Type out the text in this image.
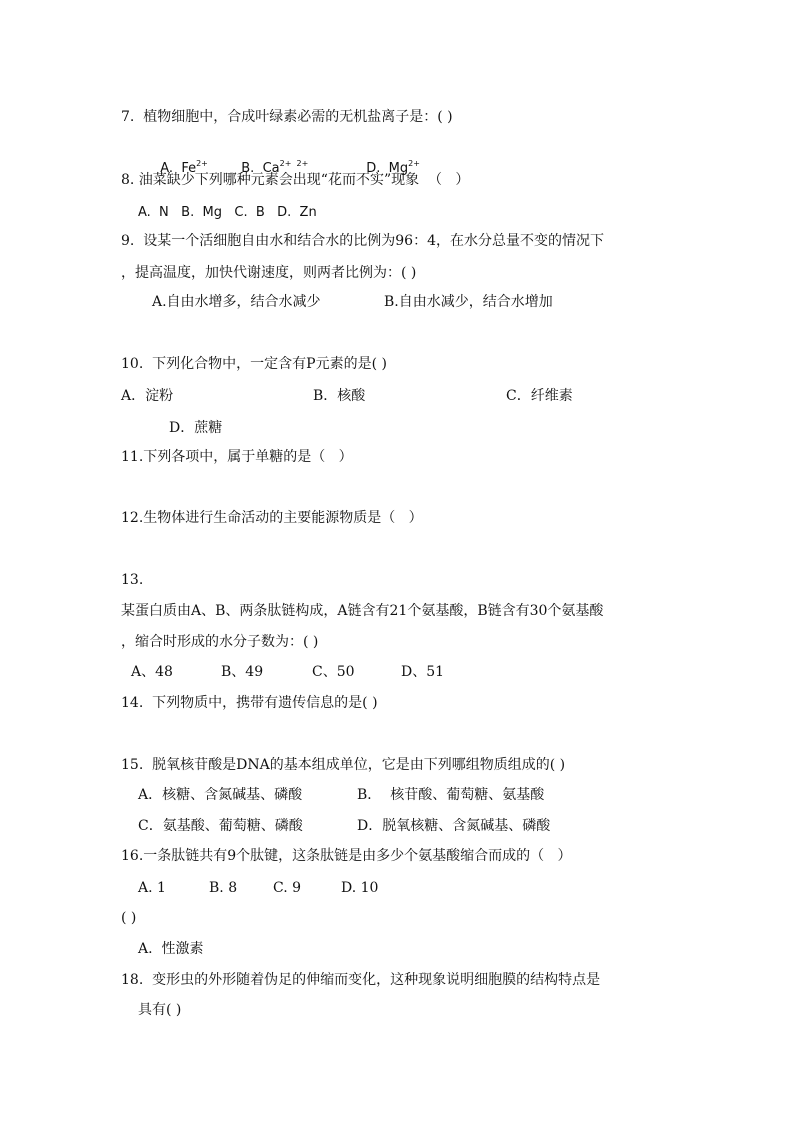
7.  植物细胞中，合成叶绿素必需的无机盐离子是：( )

A.  $Fe^{2+}$	B.  $Ca^{2+ 2+}$	D.  $Mg^{2+}$

8. 油菜缺少下列哪种元素会出现“花而不实”现象  （   ）
A.  N   B.  Mg   C.  B   D.  Zn
9.  设某一个活细胞自由水和结合水的比例为96：4，在水分总量不变的情况下
，提高温度，加快代谢速度，则两者比例为：( )
A.自由水增多，结合水减少	B.自由水减少，结合水增加
10.  下列化合物中，一定含有P元素的是( )
A．淀粉	B．核酸	C．纤维素
D．蔗糖
11.下列各项中，属于单糖的是（   ）
12.生物体进行生命活动的主要能源物质是（   ）
13.
某蛋白质由A、B、两条肽链构成，A链含有21个氨基酸，B链含有30个氨基酸
，缩合时形成的水分子数为：( )
A、48	B、49	C、50	D、51
14.  下列物质中，携带有遗传信息的是( )
15.  脱氧核苷酸是DNA的基本组成单位，它是由下列哪组物质组成的( )
A．核糖、含氮碱基、磷酸	B．  核苷酸、葡萄糖、氨基酸
C．氨基酸、葡萄糖、磷酸	D．脱氧核糖、含氮碱基、磷酸
16.一条肽链共有9个肽键，这条肽链是由多少个氨基酸缩合而成的（   ）
A. 1	B. 8	C. 9	D. 10
( )
A.  性激素
18.  变形虫的外形随着伪足的伸缩而变化，这种现象说明细胞膜的结构特点是
具有( )
